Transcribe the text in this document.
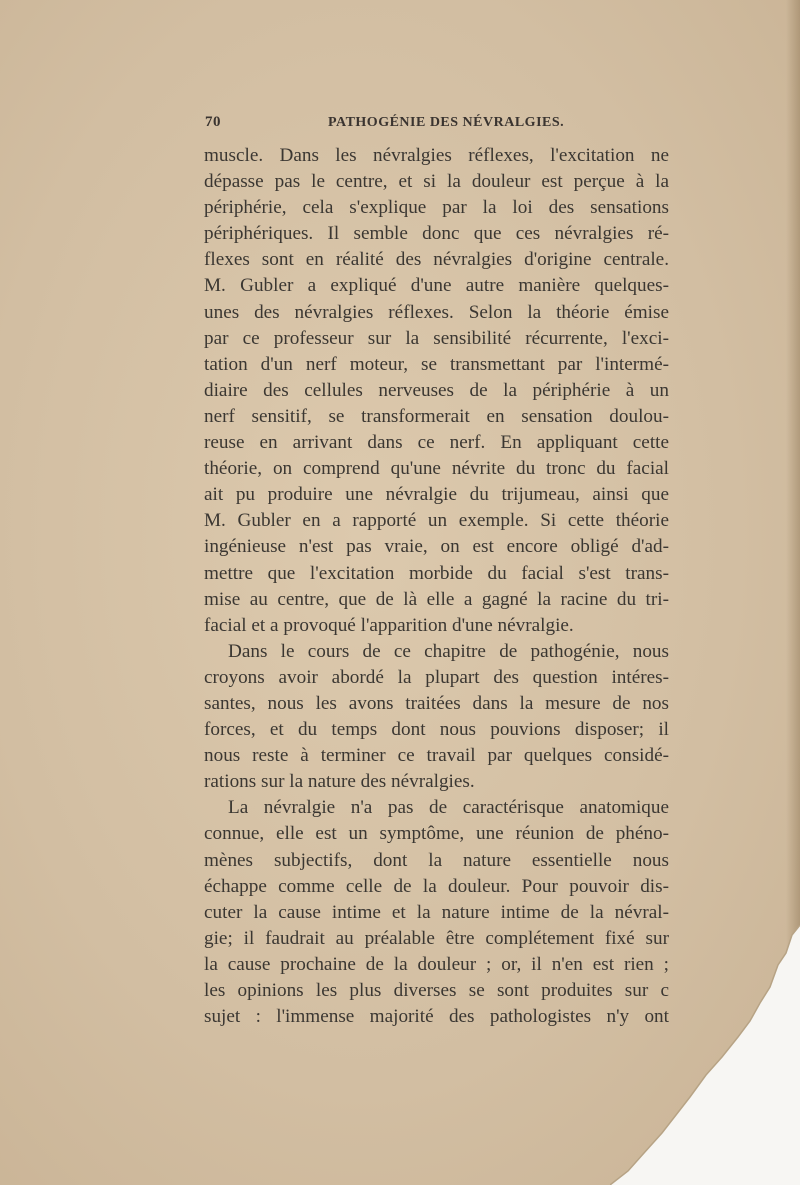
70	PATHOGÉNIE DES NÉVRALGIES.
muscle. Dans les névralgies réflexes, l'excitation ne
dépasse pas le centre, et si la douleur est perçue à la
périphérie, cela s'explique par la loi des sensations
périphériques. Il semble donc que ces névralgies ré-
flexes sont en réalité des névralgies d'origine centrale.
M. Gubler a expliqué d'une autre manière quelques-
unes des névralgies réflexes. Selon la théorie émise
par ce professeur sur la sensibilité récurrente, l'exci-
tation d'un nerf moteur, se transmettant par l'intermé-
diaire des cellules nerveuses de la périphérie à un
nerf sensitif, se transformerait en sensation doulou-
reuse en arrivant dans ce nerf. En appliquant cette
théorie, on comprend qu'une névrite du tronc du facial
ait pu produire une névralgie du trijumeau, ainsi que
M. Gubler en a rapporté un exemple. Si cette théorie
ingénieuse n'est pas vraie, on est encore obligé d'ad-
mettre que l'excitation morbide du facial s'est trans-
mise au centre, que de là elle a gagné la racine du tri-
facial et a provoqué l'apparition d'une névralgie.
Dans le cours de ce chapitre de pathogénie, nous
croyons avoir abordé la plupart des question intéres-
santes, nous les avons traitées dans la mesure de nos
forces, et du temps dont nous pouvions disposer; il
nous reste à terminer ce travail par quelques considé-
rations sur la nature des névralgies.
La névralgie n'a pas de caractérisque anatomique
connue, elle est un symptôme, une réunion de phéno-
mènes subjectifs, dont la nature essentielle nous
échappe comme celle de la douleur. Pour pouvoir dis-
cuter la cause intime et la nature intime de la névral-
gie; il faudrait au préalable être complétement fixé sur
la cause prochaine de la douleur ; or, il n'en est rien ;
les opinions les plus diverses se sont produites sur c
sujet : l'immense majorité des pathologistes n'y ont
